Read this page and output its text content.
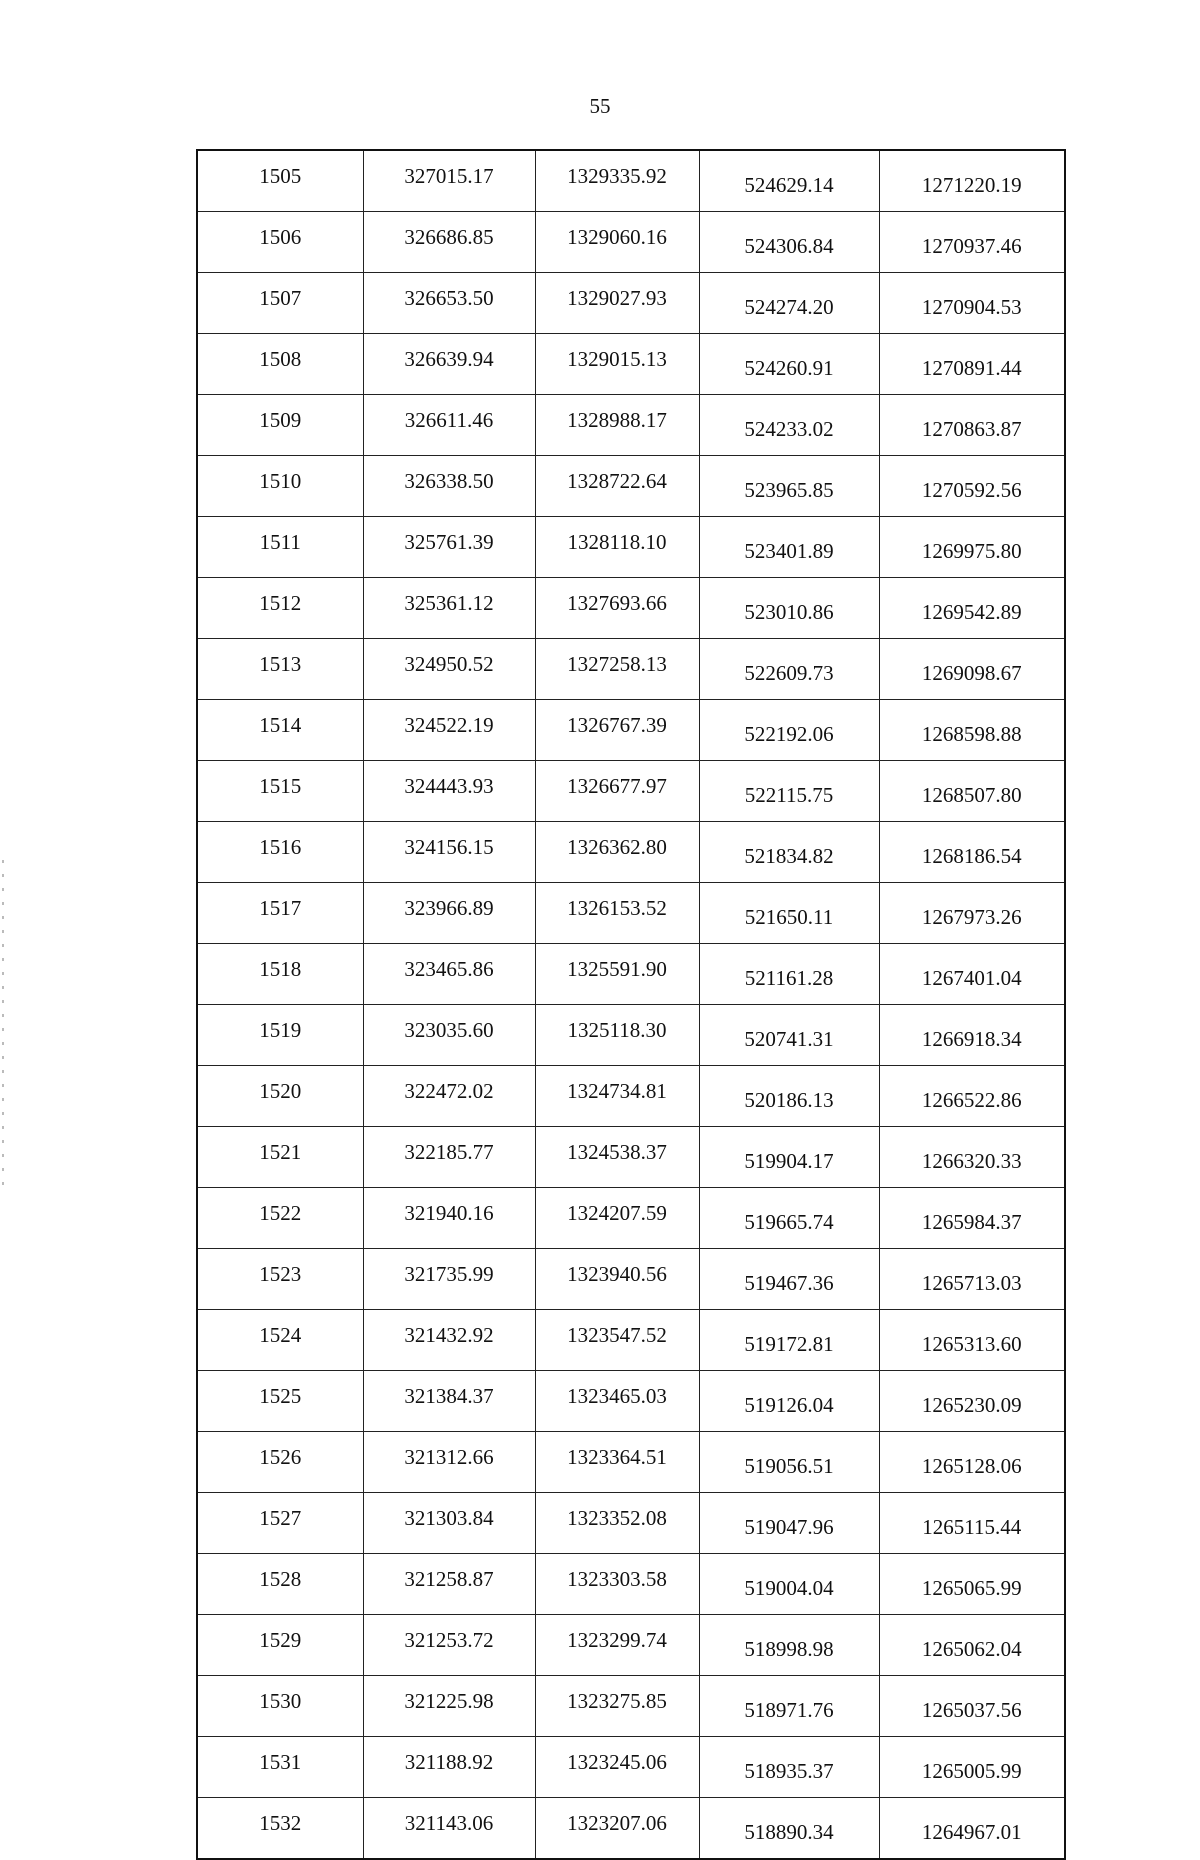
55
1505	327015.17	1329335.92	524629.14	1271220.19
1506	326686.85	1329060.16	524306.84	1270937.46
1507	326653.50	1329027.93	524274.20	1270904.53
1508	326639.94	1329015.13	524260.91	1270891.44
1509	326611.46	1328988.17	524233.02	1270863.87
1510	326338.50	1328722.64	523965.85	1270592.56
1511	325761.39	1328118.10	523401.89	1269975.80
1512	325361.12	1327693.66	523010.86	1269542.89
1513	324950.52	1327258.13	522609.73	1269098.67
1514	324522.19	1326767.39	522192.06	1268598.88
1515	324443.93	1326677.97	522115.75	1268507.80
1516	324156.15	1326362.80	521834.82	1268186.54
1517	323966.89	1326153.52	521650.11	1267973.26
1518	323465.86	1325591.90	521161.28	1267401.04
1519	323035.60	1325118.30	520741.31	1266918.34
1520	322472.02	1324734.81	520186.13	1266522.86
1521	322185.77	1324538.37	519904.17	1266320.33
1522	321940.16	1324207.59	519665.74	1265984.37
1523	321735.99	1323940.56	519467.36	1265713.03
1524	321432.92	1323547.52	519172.81	1265313.60
1525	321384.37	1323465.03	519126.04	1265230.09
1526	321312.66	1323364.51	519056.51	1265128.06
1527	321303.84	1323352.08	519047.96	1265115.44
1528	321258.87	1323303.58	519004.04	1265065.99
1529	321253.72	1323299.74	518998.98	1265062.04
1530	321225.98	1323275.85	518971.76	1265037.56
1531	321188.92	1323245.06	518935.37	1265005.99
1532	321143.06	1323207.06	518890.34	1264967.01
